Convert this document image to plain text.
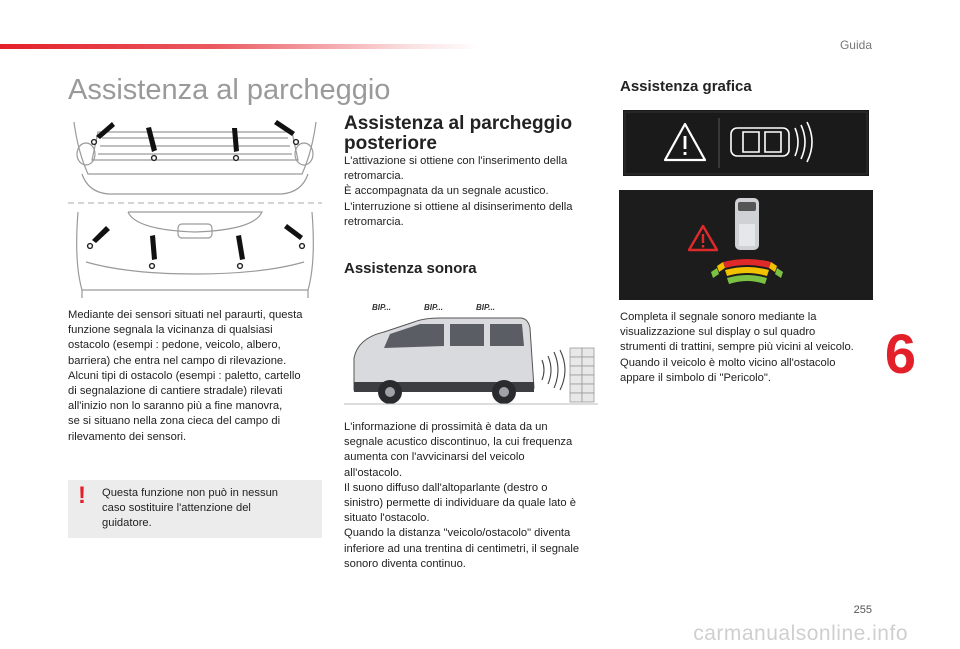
Guida
6
255
carmanualsonline.info
Assistenza al parcheggio
Mediante dei sensori situati nel paraurti, questa
funzione segnala la vicinanza di qualsiasi
ostacolo (esempi : pedone, veicolo, albero,
barriera) che entra nel campo di rilevazione.
Alcuni tipi di ostacolo (esempi : paletto, cartello
di segnalazione di cantiere stradale) rilevati
all'inizio non lo saranno più a fine manovra,
se si situano nella zona cieca del campo di
rilevamento dei sensori.
! Questa funzione non può in nessun
caso sostituire l'attenzione del
guidatore.
Assistenza al parcheggio posteriore
L'attivazione si ottiene con l'inserimento della
retromarcia.
È accompagnata da un segnale acustico.
L'interruzione si ottiene al disinserimento della
retromarcia.
Assistenza sonora
BIP...	BIP...	BIP...
L'informazione di prossimità è data da un
segnale acustico discontinuo, la cui frequenza
aumenta con l'avvicinarsi del veicolo
all'ostacolo.
Il suono diffuso dall'altoparlante (destro o
sinistro) permette di individuare da quale lato è
situato l'ostacolo.
Quando la distanza "veicolo/ostacolo" diventa
inferiore ad una trentina di centimetri, il segnale
sonoro diventa continuo.
Assistenza grafica
Completa il segnale sonoro mediante la
visualizzazione sul display o sul quadro
strumenti di trattini, sempre più vicini al veicolo.
Quando il veicolo è molto vicino all'ostacolo
appare il simbolo di "Pericolo".
